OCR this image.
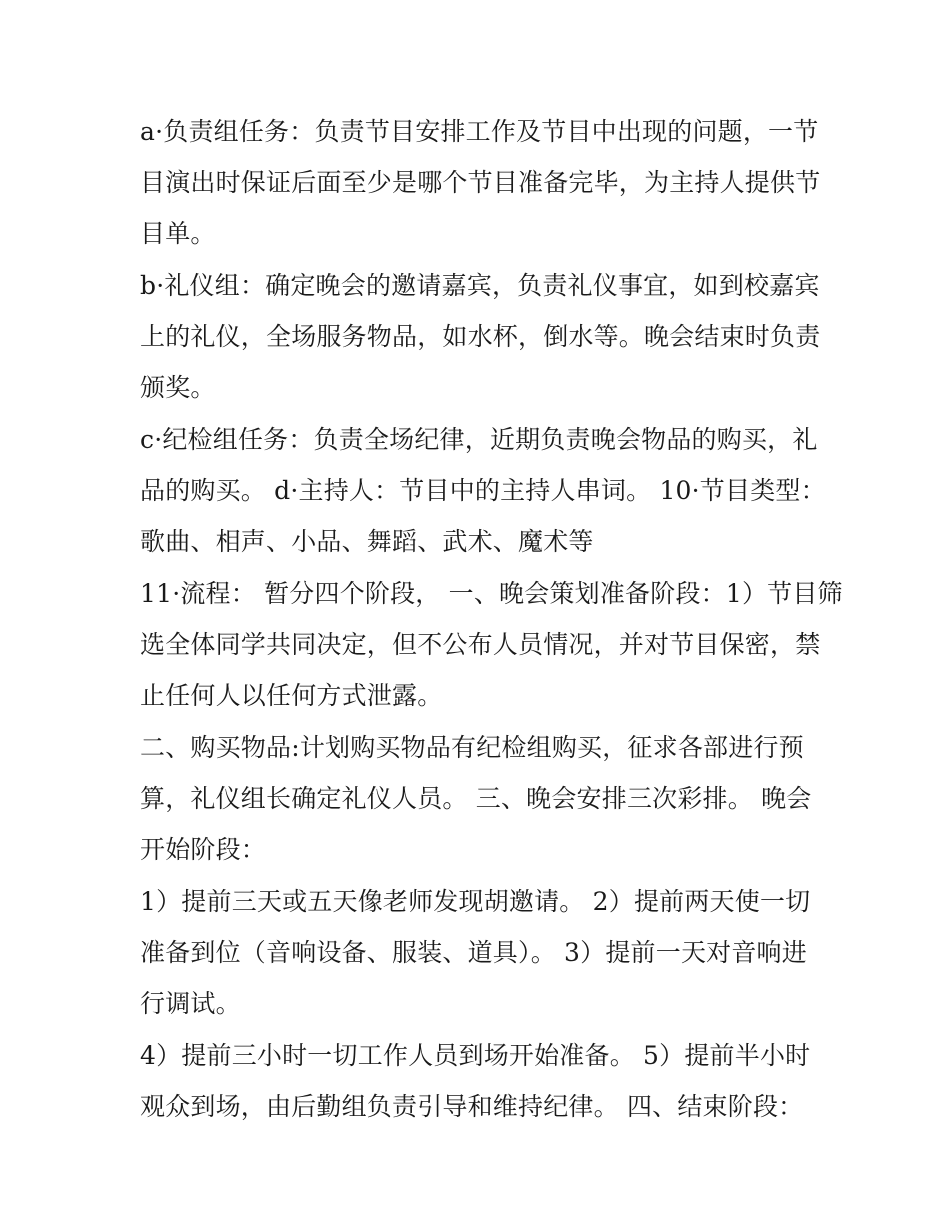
a·负责组任务：负责节目安排工作及节目中出现的问题，一节
目演出时保证后面至少是哪个节目准备完毕，为主持人提供节
目单。

b·礼仪组：确定晚会的邀请嘉宾，负责礼仪事宜，如到校嘉宾
上的礼仪，全场服务物品，如水杯，倒水等。晚会结束时负责
颁奖。

c·纪检组任务：负责全场纪律，近期负责晚会物品的购买，礼
品的购买。 d·主持人：节目中的主持人串词。 10·节目类型：
歌曲、相声、小品、舞蹈、武术、魔术等

11·流程： 暂分四个阶段， 一、晚会策划准备阶段：1）节目筛
选全体同学共同决定，但不公布人员情况，并对节目保密，禁
止任何人以任何方式泄露。

二、购买物品:计划购买物品有纪检组购买，征求各部进行预
算，礼仪组长确定礼仪人员。 三、晚会安排三次彩排。 晚会
开始阶段：

1）提前三天或五天像老师发现胡邀请。 2）提前两天使一切
准备到位（音响设备、服装、道具）。 3）提前一天对音响进
行调试。

4）提前三小时一切工作人员到场开始准备。 5）提前半小时
观众到场，由后勤组负责引导和维持纪律。 四、结束阶段：
